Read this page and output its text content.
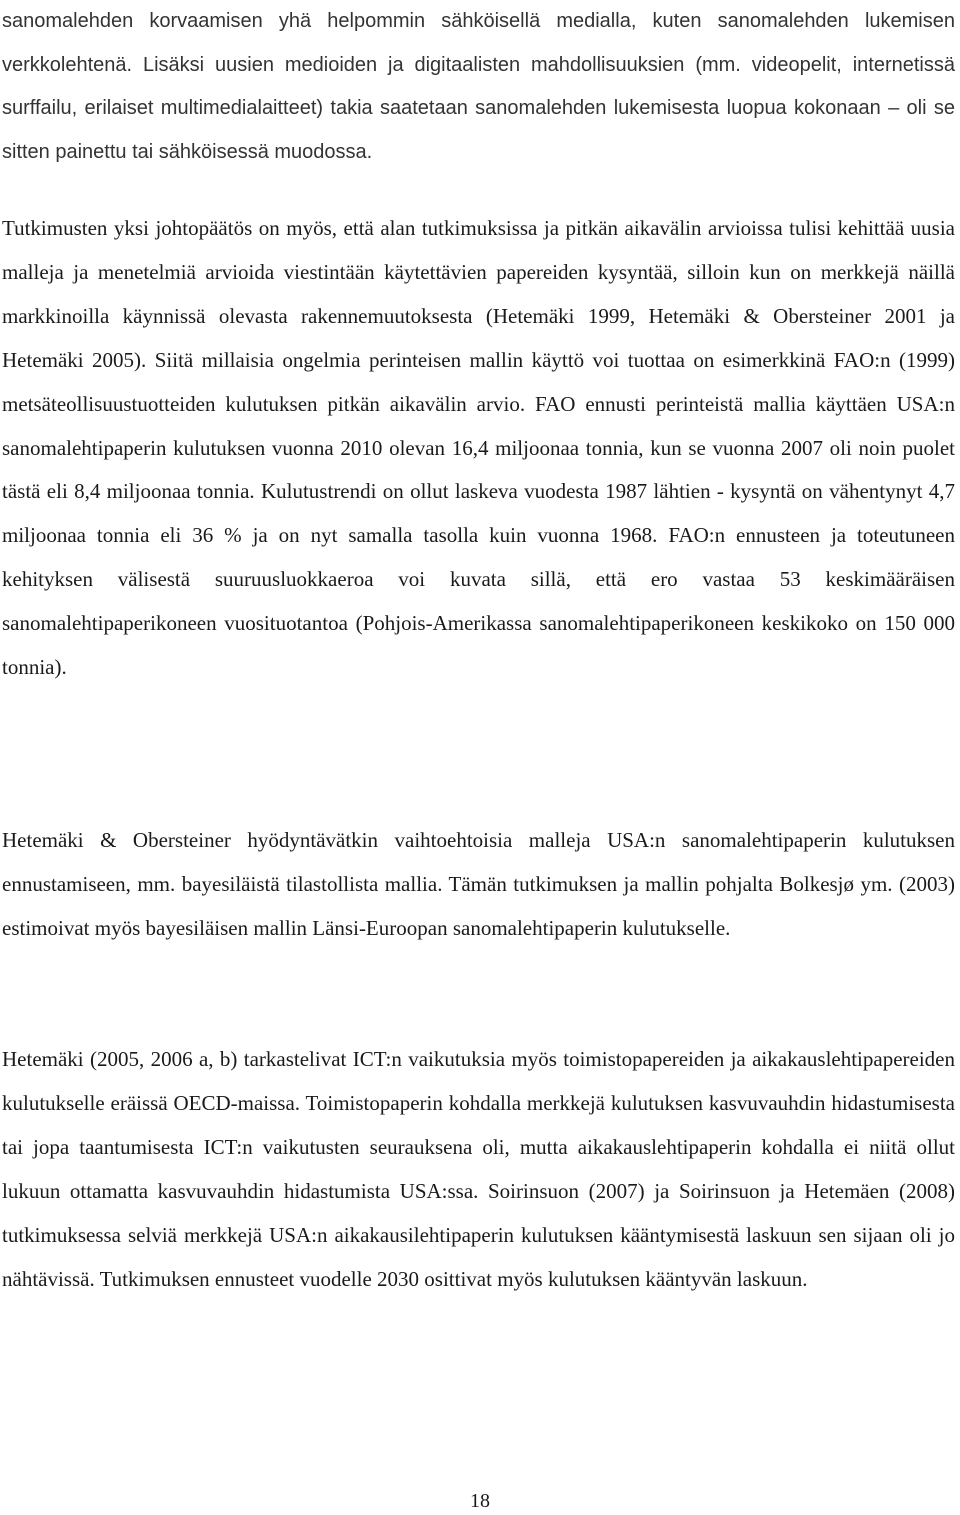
sanomalehden korvaamisen yhä helpommin sähköisellä medialla, kuten sanomalehden lukemisen verkkolehtenä. Lisäksi uusien medioiden ja digitaalisten mahdollisuuksien (mm. videopelit, internetissä surffailu, erilaiset multimedialaitteet) takia saatetaan sanomalehden lukemisesta luopua kokonaan – oli se sitten painettu tai sähköisessä muodossa.

Tutkimusten yksi johtopäätös on myös, että alan tutkimuksissa ja pitkän aikavälin arvioissa tulisi kehittää uusia malleja ja menetelmiä arvioida viestintään käytettävien papereiden kysyntää, silloin kun on merkkejä näillä markkinoilla käynnissä olevasta rakennemuutoksesta (Hetemäki 1999, Hetemäki & Obersteiner 2001 ja Hetemäki 2005). Siitä millaisia ongelmia perinteisen mallin käyttö voi tuottaa on esimerkkinä FAO:n (1999) metsäteollisuustuotteiden kulutuksen pitkän aikavälin arvio. FAO ennusti perinteistä mallia käyttäen USA:n sanomalehtipaperin kulutuksen vuonna 2010 olevan 16,4 miljoonaa tonnia, kun se vuonna 2007 oli noin puolet tästä eli 8,4 miljoonaa tonnia. Kulutustrendi on ollut laskeva vuodesta 1987 lähtien - kysyntä on vähentynyt 4,7 miljoonaa tonnia eli 36 % ja on nyt samalla tasolla kuin vuonna 1968. FAO:n ennusteen ja toteutuneen kehityksen välisestä suuruusluokkaeroa voi kuvata sillä, että ero vastaa 53 keskimääräisen sanomalehtipaperikoneen vuosituotantoa (Pohjois-Amerikassa sanomalehtipaperikoneen keskikoko on 150 000 tonnia).

Hetemäki & Obersteiner hyödyntävätkin vaihtoehtoisia malleja USA:n sanomalehtipaperin kulutuksen ennustamiseen, mm. bayesiläistä tilastollista mallia. Tämän tutkimuksen ja mallin pohjalta Bolkesjø ym. (2003) estimoivat myös bayesiläisen mallin Länsi-Euroopan sanomalehtipaperin kulutukselle.

Hetemäki (2005, 2006 a, b) tarkastelivat ICT:n vaikutuksia myös toimistopapereiden ja aikakauslehtipapereiden kulutukselle eräissä OECD-maissa. Toimistopaperin kohdalla merkkejä kulutuksen kasvuvauhdin hidastumisesta tai jopa taantumisesta ICT:n vaikutusten seurauksena oli, mutta aikakauslehtipaperin kohdalla ei niitä ollut lukuun ottamatta kasvuvauhdin hidastumista USA:ssa. Soirinsuon (2007) ja Soirinsuon ja Hetemäen (2008) tutkimuksessa selviä merkkejä USA:n aikakausilehtipaperin kulutuksen kääntymisestä laskuun sen sijaan oli jo nähtävissä. Tutkimuksen ennusteet vuodelle 2030 osittivat myös kulutuksen kääntyvän laskuun.

18
